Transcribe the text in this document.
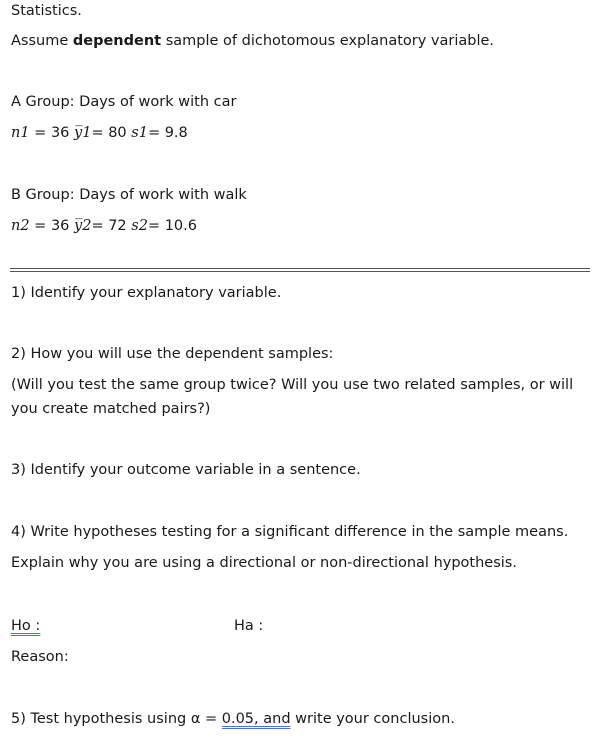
Statistics.
Assume dependent sample of dichotomous explanatory variable.
A Group: Days of work with car
n1 = 36 y̅1= 80 s1= 9.8
B Group: Days of work with walk
n2 = 36 y̅2= 72 s2= 10.6
1) Identify your explanatory variable.
2) How you will use the dependent samples:
(Will you test the same group twice? Will you use two related samples, or will you create matched pairs?)
3) Identify your outcome variable in a sentence.
4) Write hypotheses testing for a significant difference in the sample means.
Explain why you are using a directional or non-directional hypothesis.
Ho :	Ha :
Reason:
5) Test hypothesis using α = 0.05, and write your conclusion.
